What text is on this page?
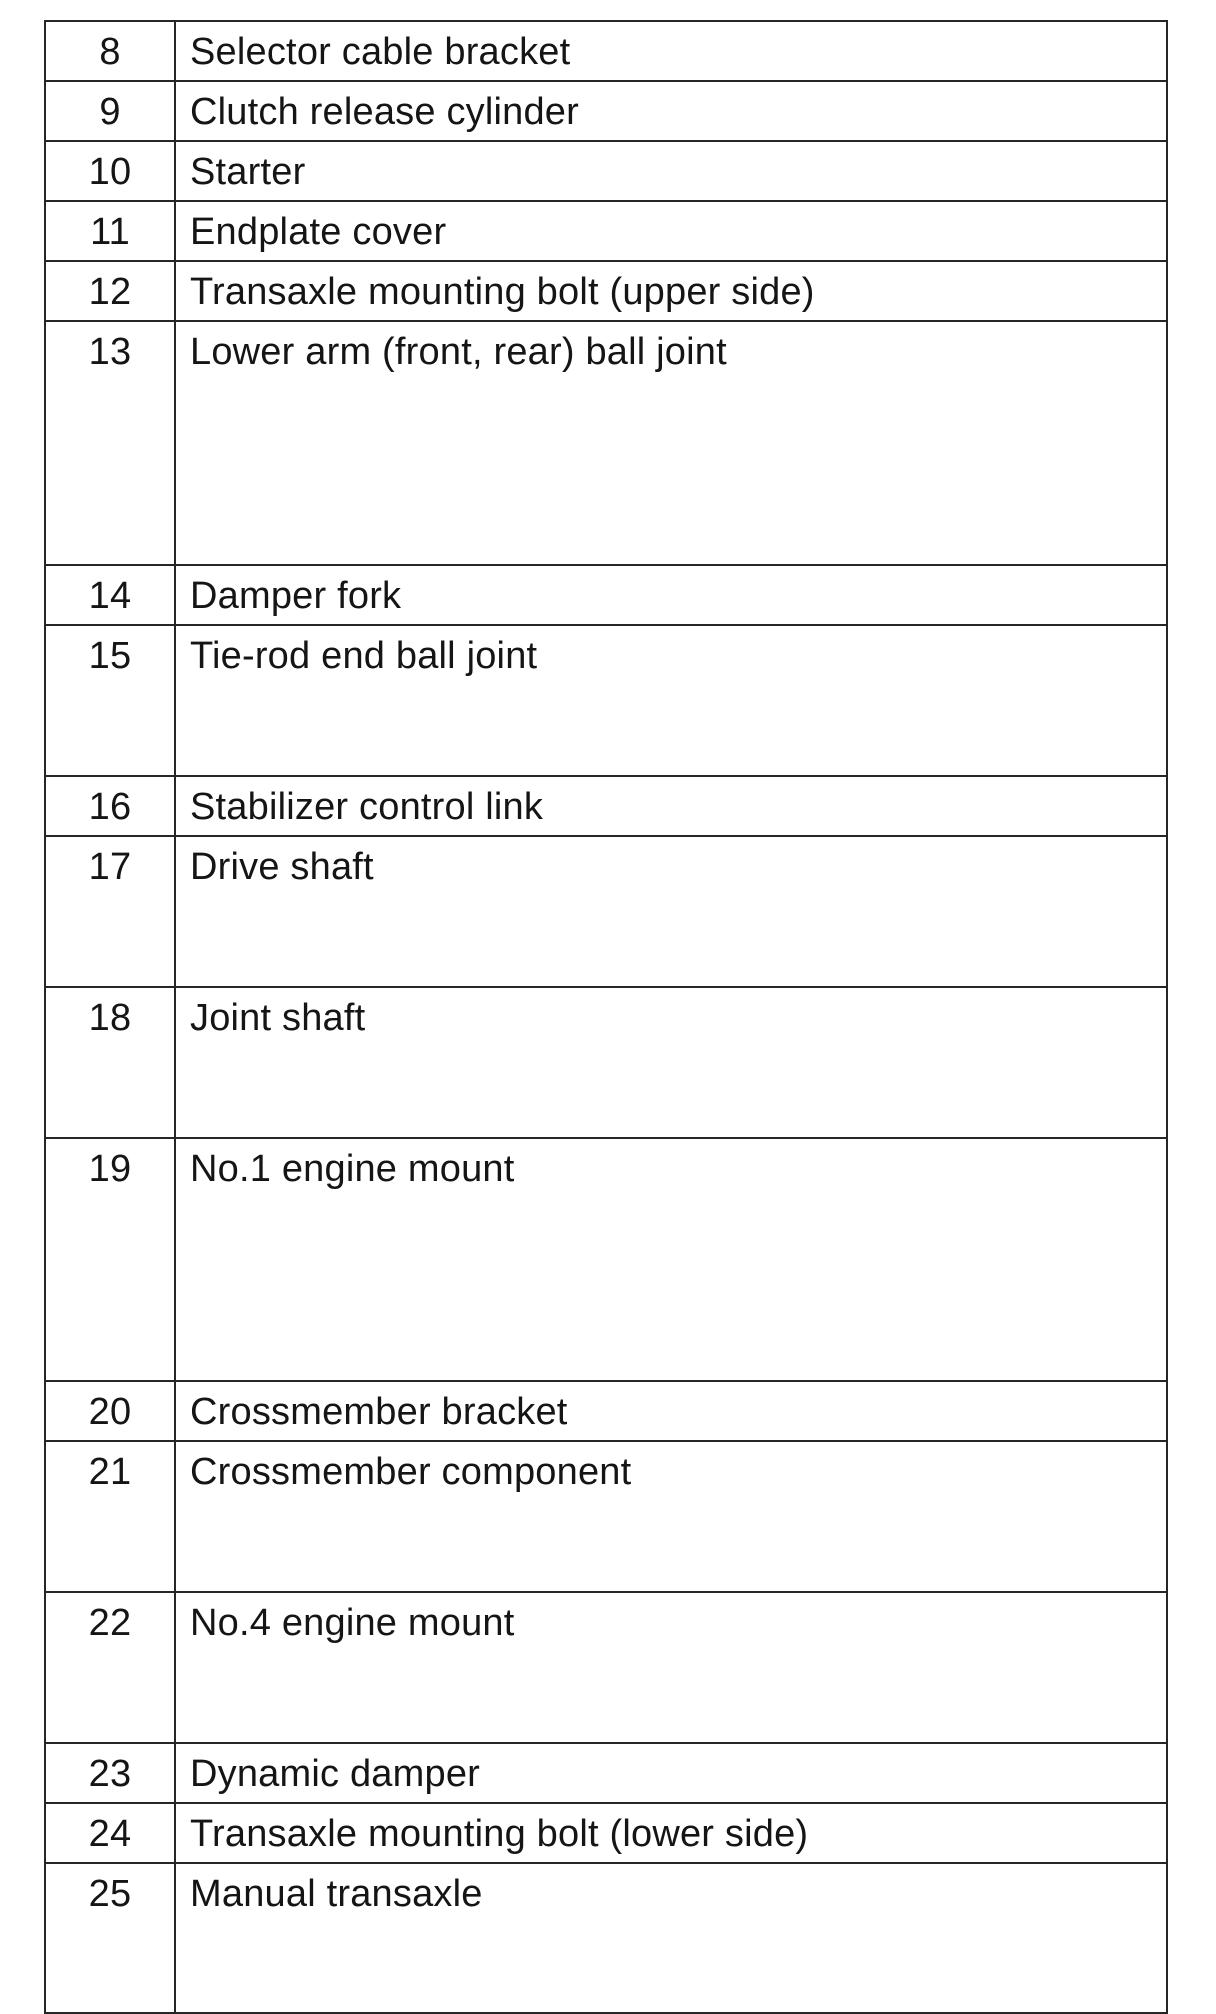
8	Selector cable bracket
9	Clutch release cylinder
10	Starter
11	Endplate cover
12	Transaxle mounting bolt (upper side)
13	Lower arm (front, rear) ball joint
14	Damper fork
15	Tie-rod end ball joint
16	Stabilizer control link
17	Drive shaft
18	Joint shaft
19	No.1 engine mount
20	Crossmember bracket
21	Crossmember component
22	No.4 engine mount
23	Dynamic damper
24	Transaxle mounting bolt (lower side)
25	Manual transaxle
